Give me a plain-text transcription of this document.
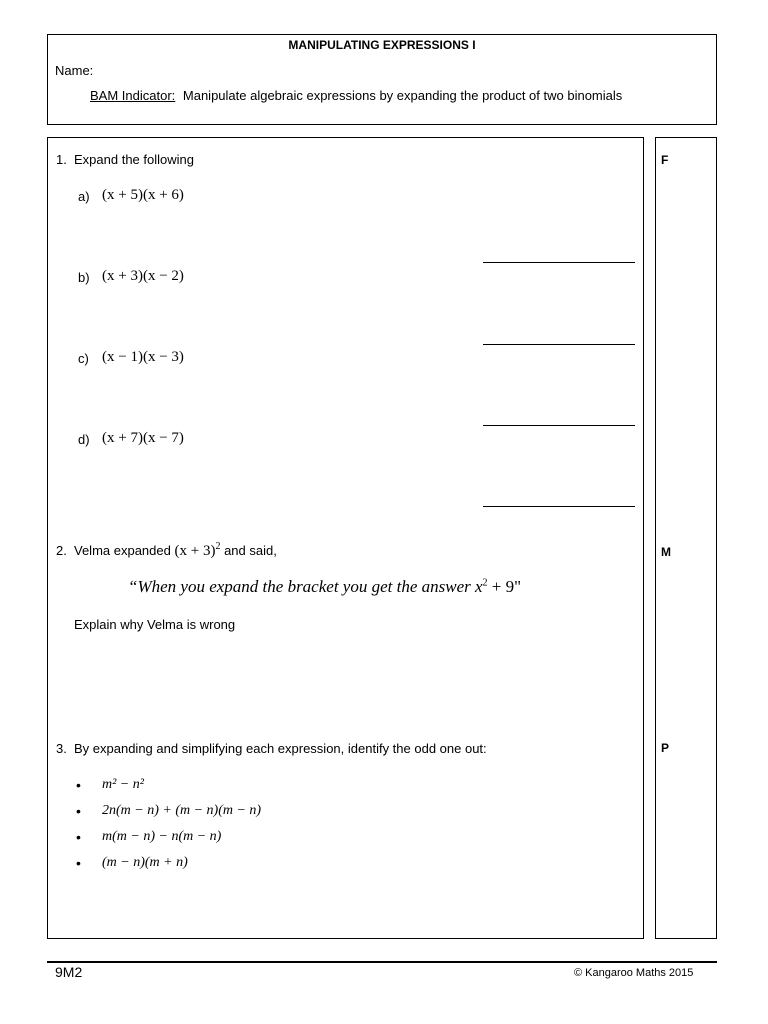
MANIPULATING EXPRESSIONS I
Name:
BAM Indicator: Manipulate algebraic expressions by expanding the product of two binomials
F
M
P
1. Expand the following
a) (x + 5)(x + 6)
b) (x + 3)(x − 2)
c) (x − 1)(x − 3)
d) (x + 7)(x − 7)
2. Velma expanded $(x + 3)^2$ and said,
“When you expand the bracket you get the answer $x^2 + 9$"
Explain why Velma is wrong
3. By expanding and simplifying each expression, identify the odd one out:
• m² − n²
• 2n(m − n) + (m − n)(m − n)
• m(m − n) − n(m − n)
• (m − n)(m + n)
9M2	© Kangaroo Maths 2015
